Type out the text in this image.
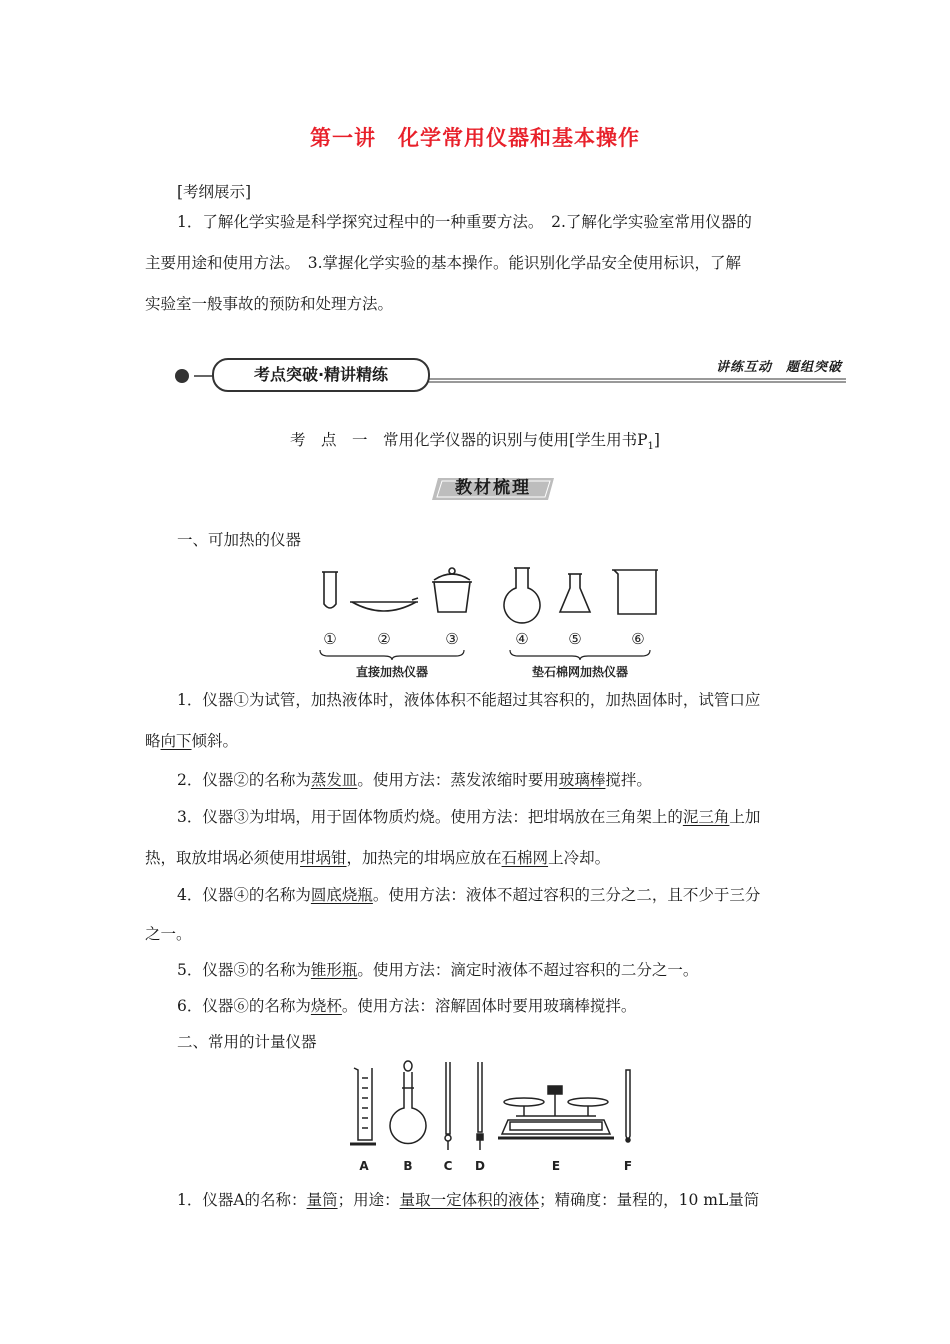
第一讲　化学常用仪器和基本操作
[考纲展示]
1．了解化学实验是科学探究过程中的一种重要方法。　2.了解化学实验室常用仪器的
主要用途和使用方法。　3.掌握化学实验的基本操作。能识别化学品安全使用标识，了解
实验室一般事故的预防和处理方法。
考点突破·精讲精练	讲练互动　题组突破
考　点　一　常用化学仪器的识别与使用[学生用书$P_1$]
教材梳理
一、可加热的仪器
①	②	③	④	⑤	⑥
直接加热仪器	垫石棉网加热仪器
1．仪器①为试管，加热液体时，液体体积不能超过其容积的，加热固体时，试管口应
略向下倾斜。
2．仪器②的名称为蒸发皿。使用方法：蒸发浓缩时要用玻璃棒搅拌。
3．仪器③为坩埚，用于固体物质灼烧。使用方法：把坩埚放在三角架上的泥三角上加
热，取放坩埚必须使用坩埚钳，加热完的坩埚应放在石棉网上冷却。
4．仪器④的名称为圆底烧瓶。使用方法：液体不超过容积的三分之二，且不少于三分
之一。
5．仪器⑤的名称为锥形瓶。使用方法：滴定时液体不超过容积的二分之一。
6．仪器⑥的名称为烧杯。使用方法：溶解固体时要用玻璃棒搅拌。
二、常用的计量仪器
A	B	C D	E	F
1．仪器A的名称：量筒；用途：量取一定体积的液体；精确度：量程的，10 mL量筒
